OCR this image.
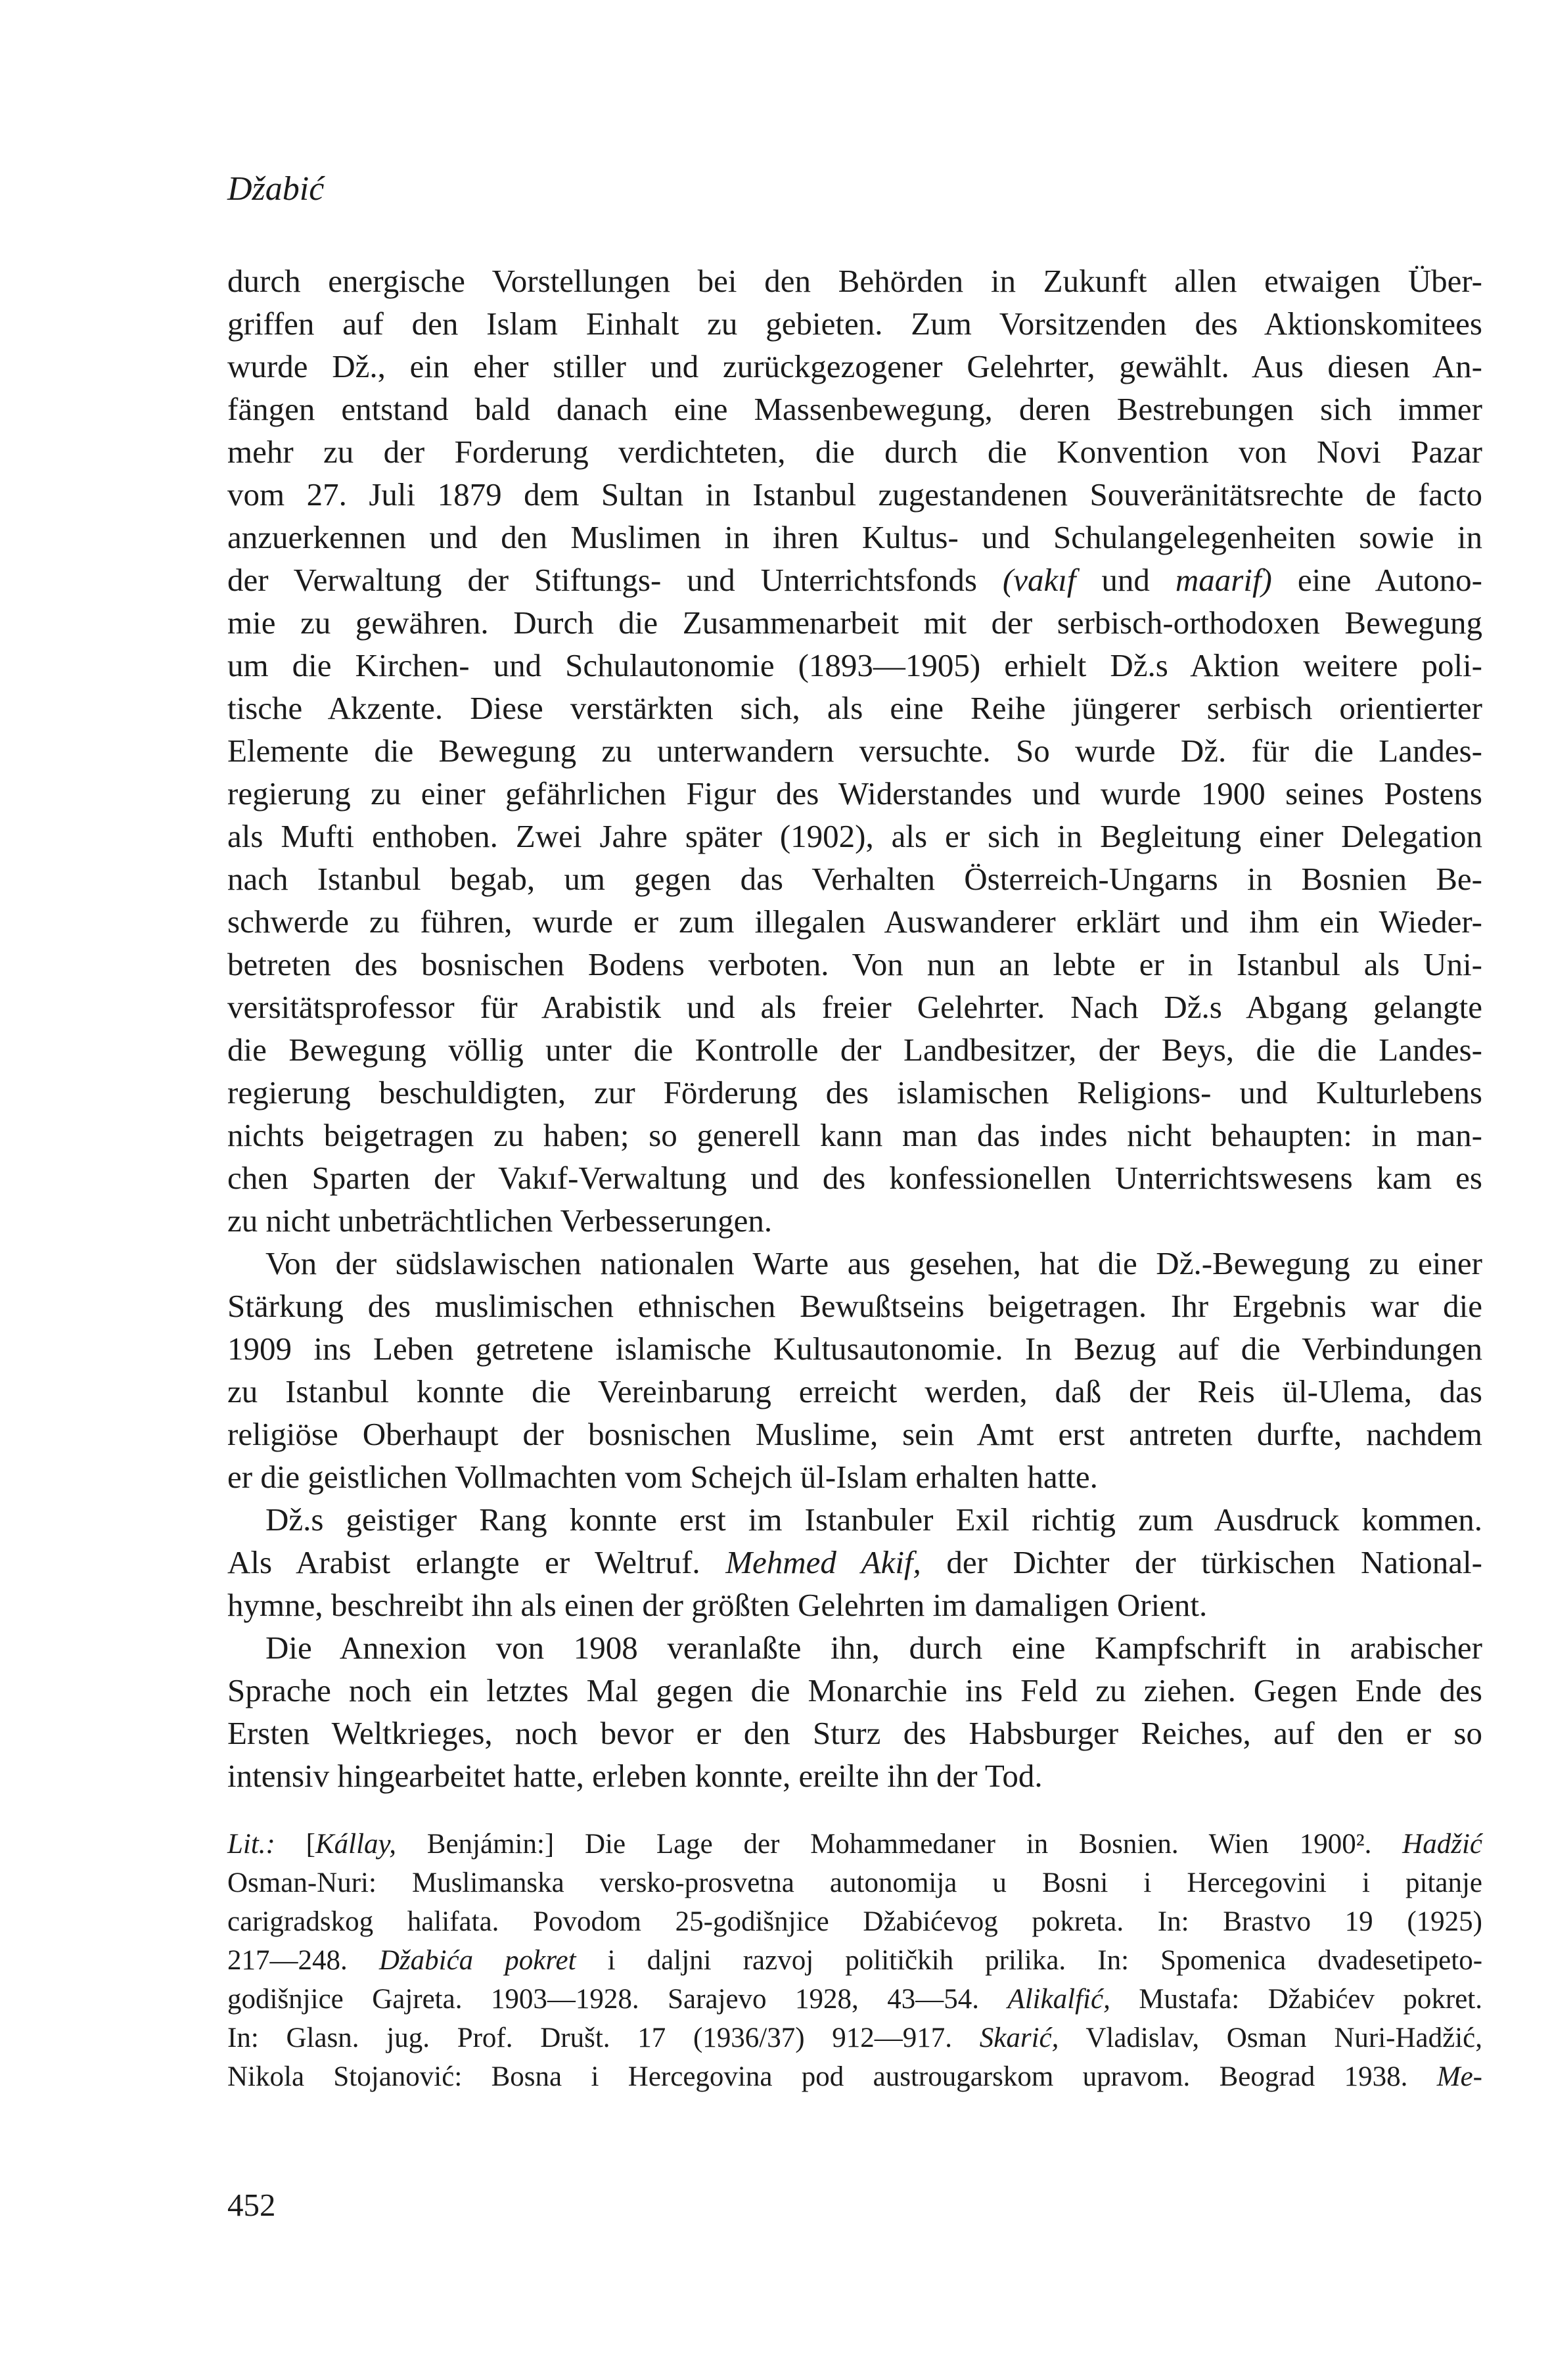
Džabić
durch energische Vorstellungen bei den Behörden in Zukunft allen etwaigen Über-
griffen auf den Islam Einhalt zu gebieten. Zum Vorsitzenden des Aktionskomitees
wurde Dž., ein eher stiller und zurückgezogener Gelehrter, gewählt. Aus diesen An-
fängen entstand bald danach eine Massenbewegung, deren Bestrebungen sich immer
mehr zu der Forderung verdichteten, die durch die Konvention von Novi Pazar
vom 27. Juli 1879 dem Sultan in Istanbul zugestandenen Souveränitätsrechte de facto
anzuerkennen und den Muslimen in ihren Kultus- und Schulangelegenheiten sowie in
der Verwaltung der Stiftungs- und Unterrichtsfonds (vakıf und maarif) eine Autono-
mie zu gewähren. Durch die Zusammenarbeit mit der serbisch-orthodoxen Bewegung
um die Kirchen- und Schulautonomie (1893—1905) erhielt Dž.s Aktion weitere poli-
tische Akzente. Diese verstärkten sich, als eine Reihe jüngerer serbisch orientierter
Elemente die Bewegung zu unterwandern versuchte. So wurde Dž. für die Landes-
regierung zu einer gefährlichen Figur des Widerstandes und wurde 1900 seines Postens
als Mufti enthoben. Zwei Jahre später (1902), als er sich in Begleitung einer Delegation
nach Istanbul begab, um gegen das Verhalten Österreich-Ungarns in Bosnien Be-
schwerde zu führen, wurde er zum illegalen Auswanderer erklärt und ihm ein Wieder-
betreten des bosnischen Bodens verboten. Von nun an lebte er in Istanbul als Uni-
versitätsprofessor für Arabistik und als freier Gelehrter. Nach Dž.s Abgang gelangte
die Bewegung völlig unter die Kontrolle der Landbesitzer, der Beys, die die Landes-
regierung beschuldigten, zur Förderung des islamischen Religions- und Kulturlebens
nichts beigetragen zu haben; so generell kann man das indes nicht behaupten: in man-
chen Sparten der Vakıf-Verwaltung und des konfessionellen Unterrichtswesens kam es
zu nicht unbeträchtlichen Verbesserungen.
Von der südslawischen nationalen Warte aus gesehen, hat die Dž.-Bewegung zu einer
Stärkung des muslimischen ethnischen Bewußtseins beigetragen. Ihr Ergebnis war die
1909 ins Leben getretene islamische Kultusautonomie. In Bezug auf die Verbindungen
zu Istanbul konnte die Vereinbarung erreicht werden, daß der Reis ül-Ulema, das
religiöse Oberhaupt der bosnischen Muslime, sein Amt erst antreten durfte, nachdem
er die geistlichen Vollmachten vom Schejch ül-Islam erhalten hatte.
Dž.s geistiger Rang konnte erst im Istanbuler Exil richtig zum Ausdruck kommen.
Als Arabist erlangte er Weltruf. Mehmed Akif, der Dichter der türkischen National-
hymne, beschreibt ihn als einen der größten Gelehrten im damaligen Orient.
Die Annexion von 1908 veranlaßte ihn, durch eine Kampfschrift in arabischer
Sprache noch ein letztes Mal gegen die Monarchie ins Feld zu ziehen. Gegen Ende des
Ersten Weltkrieges, noch bevor er den Sturz des Habsburger Reiches, auf den er so
intensiv hingearbeitet hatte, erleben konnte, ereilte ihn der Tod.
Lit.: [Kállay, Benjámin:] Die Lage der Mohammedaner in Bosnien. Wien 1900². Hadžić
Osman-Nuri: Muslimanska versko-prosvetna autonomija u Bosni i Hercegovini i pitanje
carigradskog halifata. Povodom 25-godišnjice Džabićevog pokreta. In: Brastvo 19 (1925)
217—248. Džabića pokret i daljni razvoj političkih prilika. In: Spomenica dvadesetipeto-
godišnjice Gajreta. 1903—1928. Sarajevo 1928, 43—54. Alikalfić, Mustafa: Džabićev pokret.
In: Glasn. jug. Prof. Društ. 17 (1936/37) 912—917. Skarić, Vladislav, Osman Nuri-Hadžić,
Nikola Stojanović: Bosna i Hercegovina pod austrougarskom upravom. Beograd 1938. Me-
452
